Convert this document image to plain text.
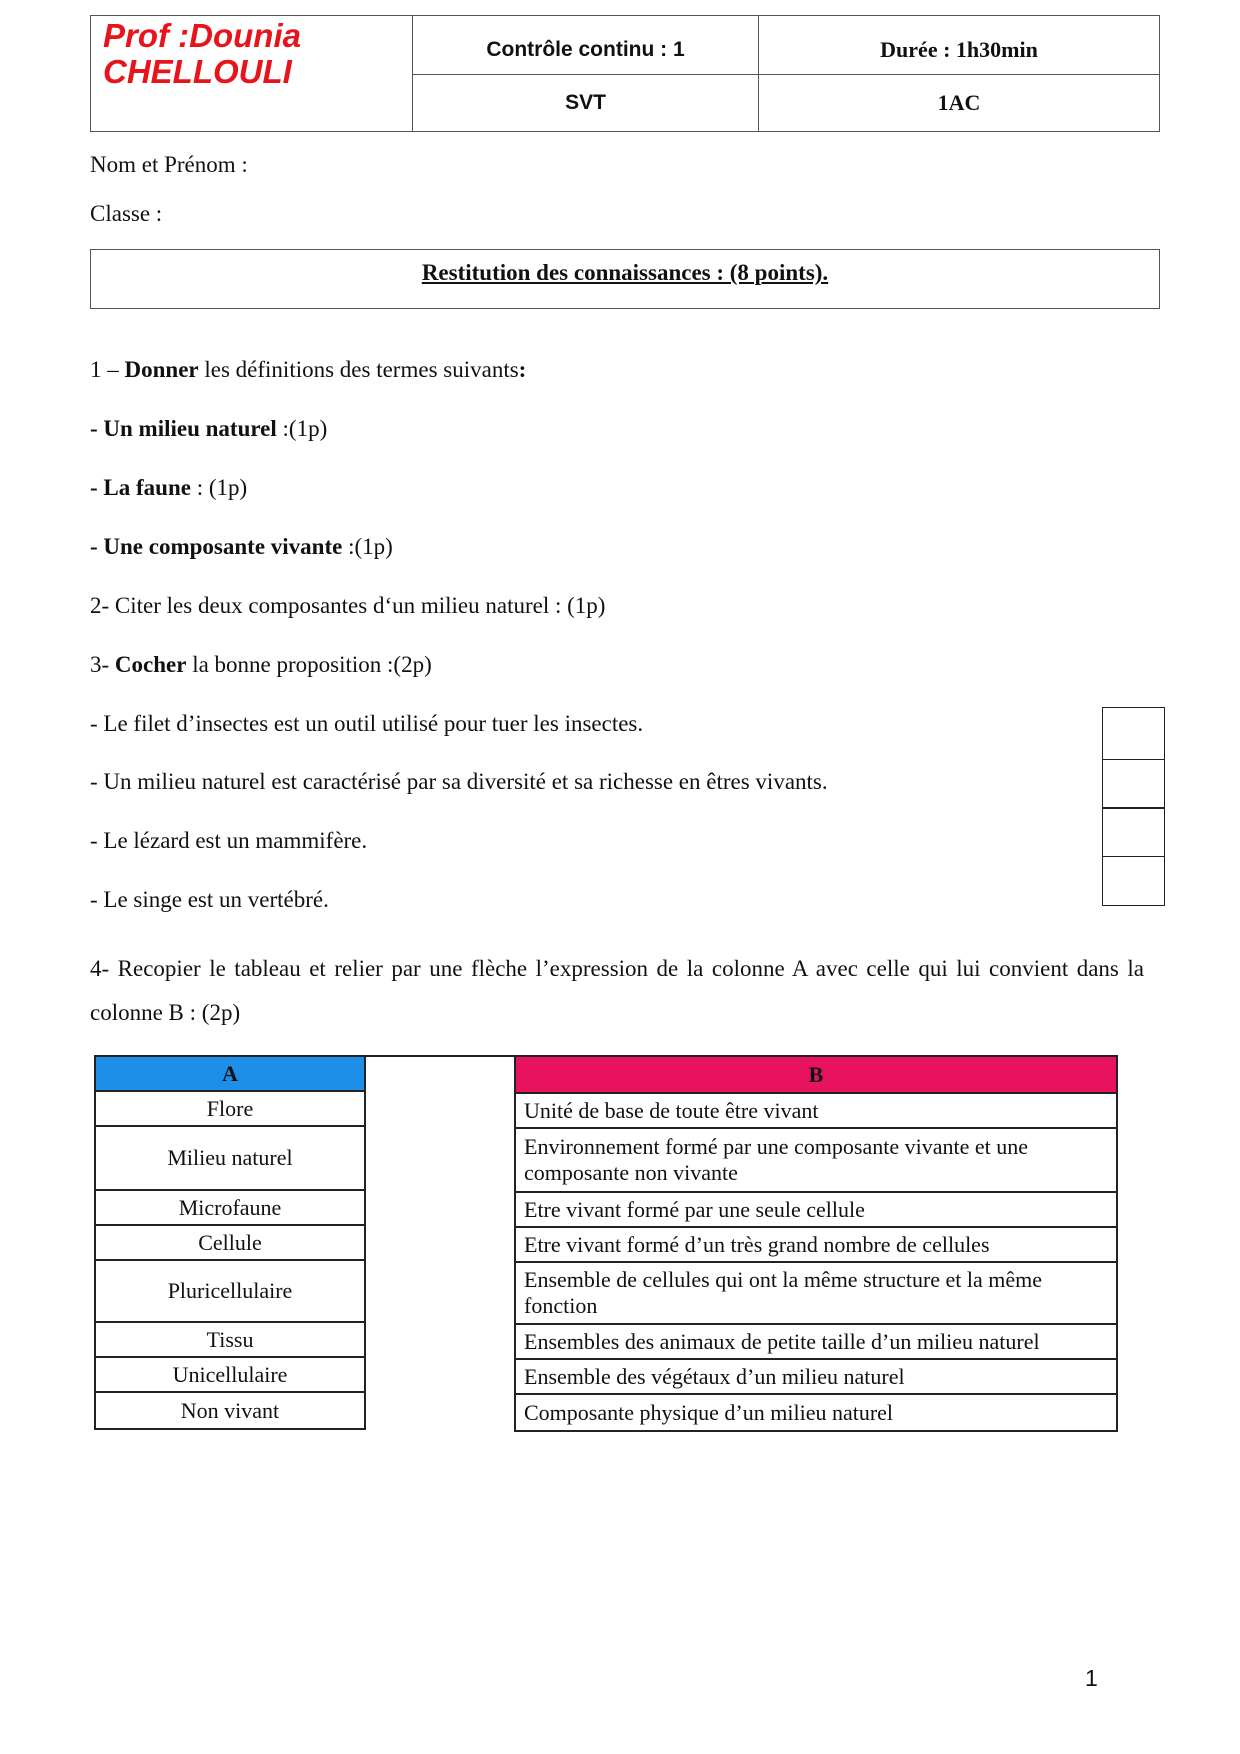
Prof :Dounia
CHELLOULI
Contrôle continu : 1	Durée : 1h30min
SVT	1AC
Nom et Prénom :
Classe :
Restitution des connaissances : (8 points).
1 – Donner les définitions des termes suivants:
- Un milieu naturel :(1p)
- La faune : (1p)
- Une composante vivante :(1p)
2- Citer les deux composantes d‘un milieu naturel : (1p)
3- Cocher la bonne proposition :(2p)
- Le filet d’insectes est un outil utilisé pour tuer les insectes.
- Un milieu naturel est caractérisé par sa diversité et sa richesse en êtres vivants.
- Le lézard est un mammifère.
- Le singe est un vertébré.
4- Recopier le tableau et relier par une flèche l’expression de la colonne A avec celle qui lui convient dans la colonne B : (2p)
A
Flore
Milieu naturel
Microfaune
Cellule
Pluricellulaire
Tissu
Unicellulaire
Non vivant
B
Unité de base de toute être vivant
Environnement formé par une composante vivante et une composante non vivante
Etre vivant formé par une seule cellule
Etre vivant formé d’un très grand nombre de cellules
Ensemble de cellules qui ont la même structure et la même fonction
Ensembles des animaux de petite taille d’un milieu naturel
Ensemble des végétaux d’un milieu naturel
Composante physique d’un milieu naturel
1
